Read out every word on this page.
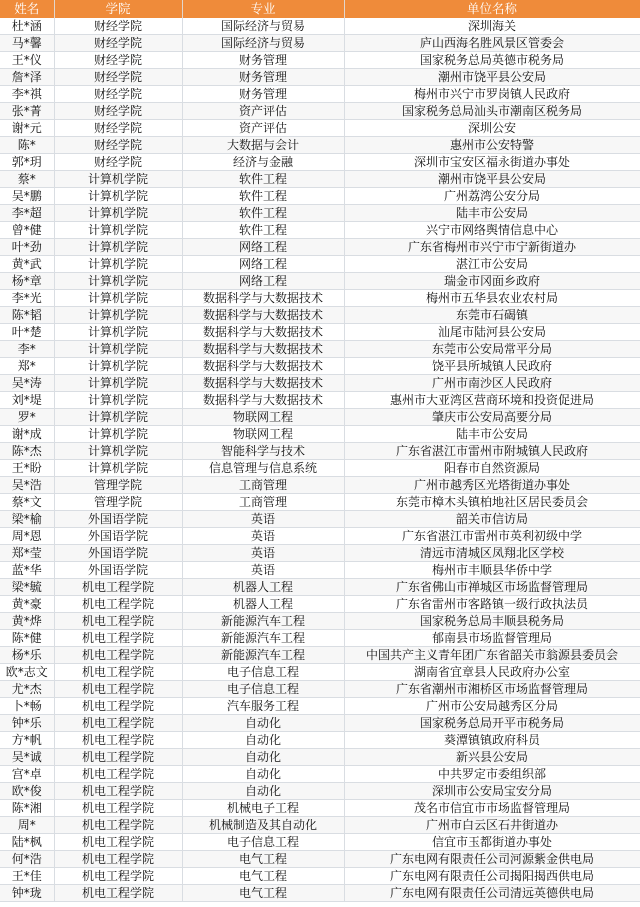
姓名	学院	专业	单位名称
杜*涵	财经学院	国际经济与贸易	深圳海关
马*馨	财经学院	国际经济与贸易	庐山西海名胜风景区管委会
王*仪	财经学院	财务管理	国家税务总局英德市税务局
詹*泽	财经学院	财务管理	潮州市饶平县公安局
李*祺	财经学院	财务管理	梅州市兴宁市罗岗镇人民政府
张*菁	财经学院	资产评估	国家税务总局汕头市潮南区税务局
谢*元	财经学院	资产评估	深圳公安
陈*	财经学院	大数据与会计	惠州市公安特警
郭*玥	财经学院	经济与金融	深圳市宝安区福永街道办事处
蔡*	计算机学院	软件工程	潮州市饶平县公安局
吴*鹏	计算机学院	软件工程	广州荔湾公安分局
李*超	计算机学院	软件工程	陆丰市公安局
曾*健	计算机学院	软件工程	兴宁市网络舆情信息中心
叶*劲	计算机学院	网络工程	广东省梅州市兴宁市宁新街道办
黄*武	计算机学院	网络工程	湛江市公安局
杨*章	计算机学院	网络工程	瑞金市冈面乡政府
李*光	计算机学院	数据科学与大数据技术	梅州市五华县农业农村局
陈*韬	计算机学院	数据科学与大数据技术	东莞市石碣镇
叶*楚	计算机学院	数据科学与大数据技术	汕尾市陆河县公安局
李*	计算机学院	数据科学与大数据技术	东莞市公安局常平分局
郑*	计算机学院	数据科学与大数据技术	饶平县所城镇人民政府
吴*涛	计算机学院	数据科学与大数据技术	广州市南沙区人民政府
刘*堤	计算机学院	数据科学与大数据技术	惠州市大亚湾区营商环境和投资促进局
罗*	计算机学院	物联网工程	肇庆市公安局高要分局
谢*成	计算机学院	物联网工程	陆丰市公安局
陈*杰	计算机学院	智能科学与技术	广东省湛江市雷州市附城镇人民政府
王*盼	计算机学院	信息管理与信息系统	阳春市自然资源局
吴*浩	管理学院	工商管理	广州市越秀区光塔街道办事处
蔡*文	管理学院	工商管理	东莞市樟木头镇柏地社区居民委员会
梁*榆	外国语学院	英语	韶关市信访局
周*恩	外国语学院	英语	广东省湛江市雷州市英利初级中学
郑*莹	外国语学院	英语	清远市清城区凤翔北区学校
蓝*华	外国语学院	英语	梅州市丰顺县华侨中学
梁*毓	机电工程学院	机器人工程	广东省佛山市禅城区市场监督管理局
黄*豪	机电工程学院	机器人工程	广东省雷州市客路镇一级行政执法员
黄*烨	机电工程学院	新能源汽车工程	国家税务总局丰顺县税务局
陈*健	机电工程学院	新能源汽车工程	郁南县市场监督管理局
杨*乐	机电工程学院	新能源汽车工程	中国共产主义青年团广东省韶关市翁源县委员会
欧*志文	机电工程学院	电子信息工程	湖南省宜章县人民政府办公室
尤*杰	机电工程学院	电子信息工程	广东省潮州市湘桥区市场监督管理局
卜*畅	机电工程学院	汽车服务工程	广州市公安局越秀区分局
钟*乐	机电工程学院	自动化	国家税务总局开平市税务局
方*帆	机电工程学院	自动化	葵潭镇镇政府科员
吴*诚	机电工程学院	自动化	新兴县公安局
宫*卓	机电工程学院	自动化	中共罗定市委组织部
欧*俊	机电工程学院	自动化	深圳市公安局宝安分局
陈*湘	机电工程学院	机械电子工程	茂名市信宜市市场监督管理局
周*	机电工程学院	机械制造及其自动化	广州市白云区石井街道办
陆*枫	机电工程学院	电子信息工程	信宜市玉都街道办事处
何*浩	机电工程学院	电气工程	广东电网有限责任公司河源紫金供电局
王*佳	机电工程学院	电气工程	广东电网有限责任公司揭阳揭西供电局
钟*珑	机电工程学院	电气工程	广东电网有限责任公司清远英德供电局
